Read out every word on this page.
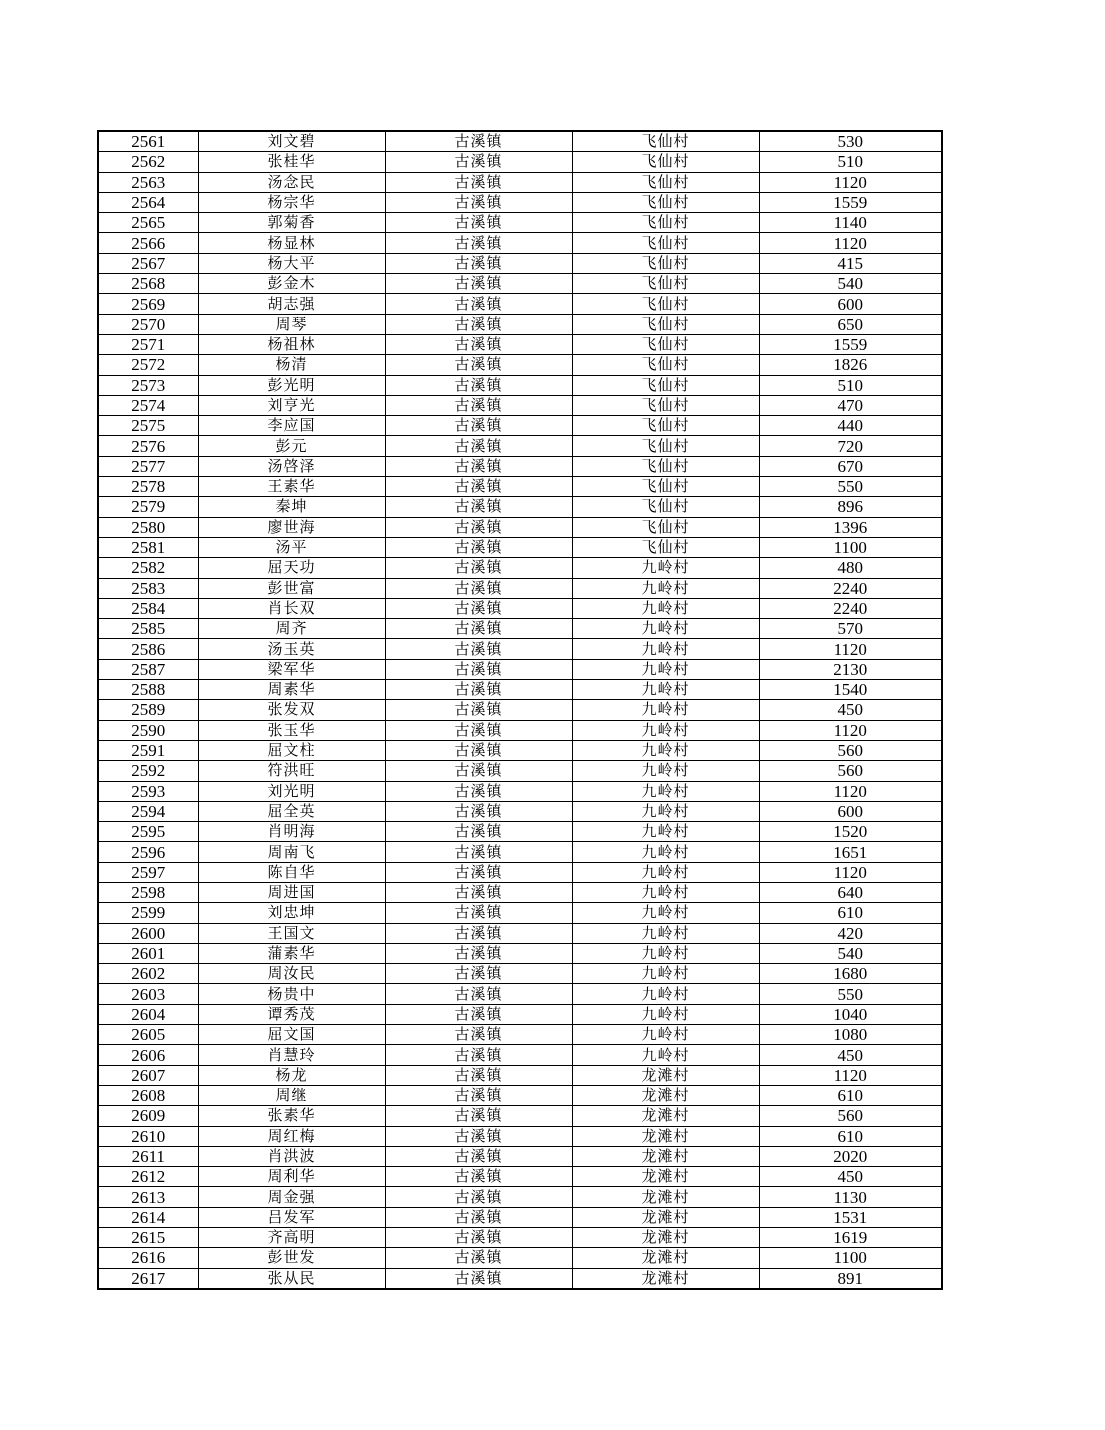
2561	刘文碧	古溪镇	飞仙村	530
2562	张桂华	古溪镇	飞仙村	510
2563	汤念民	古溪镇	飞仙村	1120
2564	杨宗华	古溪镇	飞仙村	1559
2565	郭菊香	古溪镇	飞仙村	1140
2566	杨显林	古溪镇	飞仙村	1120
2567	杨大平	古溪镇	飞仙村	415
2568	彭金木	古溪镇	飞仙村	540
2569	胡志强	古溪镇	飞仙村	600
2570	周琴	古溪镇	飞仙村	650
2571	杨祖林	古溪镇	飞仙村	1559
2572	杨清	古溪镇	飞仙村	1826
2573	彭光明	古溪镇	飞仙村	510
2574	刘亨光	古溪镇	飞仙村	470
2575	李应国	古溪镇	飞仙村	440
2576	彭元	古溪镇	飞仙村	720
2577	汤啓泽	古溪镇	飞仙村	670
2578	王素华	古溪镇	飞仙村	550
2579	秦坤	古溪镇	飞仙村	896
2580	廖世海	古溪镇	飞仙村	1396
2581	汤平	古溪镇	飞仙村	1100
2582	屈天功	古溪镇	九岭村	480
2583	彭世富	古溪镇	九岭村	2240
2584	肖长双	古溪镇	九岭村	2240
2585	周齐	古溪镇	九岭村	570
2586	汤玉英	古溪镇	九岭村	1120
2587	梁军华	古溪镇	九岭村	2130
2588	周素华	古溪镇	九岭村	1540
2589	张发双	古溪镇	九岭村	450
2590	张玉华	古溪镇	九岭村	1120
2591	屈文柱	古溪镇	九岭村	560
2592	符洪旺	古溪镇	九岭村	560
2593	刘光明	古溪镇	九岭村	1120
2594	屈全英	古溪镇	九岭村	600
2595	肖明海	古溪镇	九岭村	1520
2596	周南飞	古溪镇	九岭村	1651
2597	陈自华	古溪镇	九岭村	1120
2598	周进国	古溪镇	九岭村	640
2599	刘忠坤	古溪镇	九岭村	610
2600	王国文	古溪镇	九岭村	420
2601	蒲素华	古溪镇	九岭村	540
2602	周汝民	古溪镇	九岭村	1680
2603	杨贵中	古溪镇	九岭村	550
2604	谭秀茂	古溪镇	九岭村	1040
2605	屈文国	古溪镇	九岭村	1080
2606	肖慧玲	古溪镇	九岭村	450
2607	杨龙	古溪镇	龙滩村	1120
2608	周继	古溪镇	龙滩村	610
2609	张素华	古溪镇	龙滩村	560
2610	周红梅	古溪镇	龙滩村	610
2611	肖洪波	古溪镇	龙滩村	2020
2612	周利华	古溪镇	龙滩村	450
2613	周金强	古溪镇	龙滩村	1130
2614	吕发军	古溪镇	龙滩村	1531
2615	齐高明	古溪镇	龙滩村	1619
2616	彭世发	古溪镇	龙滩村	1100
2617	张从民	古溪镇	龙滩村	891
